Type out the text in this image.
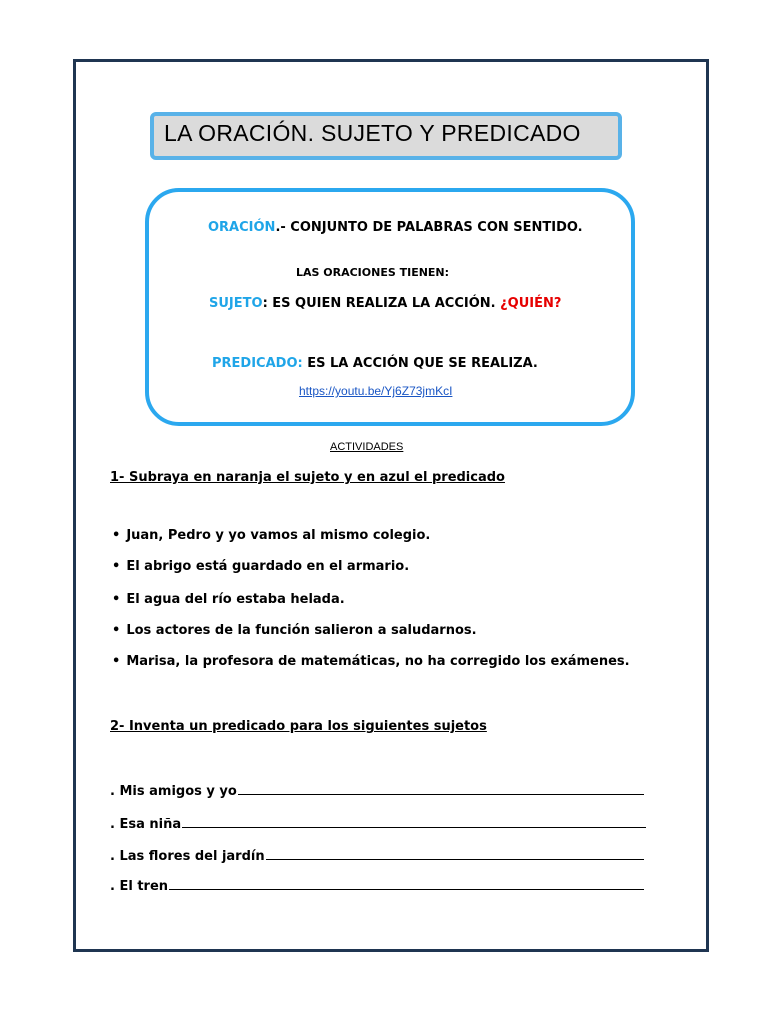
LA ORACIÓN. SUJETO Y PREDICADO
ORACIÓN.- CONJUNTO DE PALABRAS CON SENTIDO.
LAS ORACIONES TIENEN:
SUJETO: ES QUIEN REALIZA LA ACCIÓN. ¿QUIÉN?
PREDICADO: ES LA ACCIÓN QUE SE REALIZA.
https://youtu.be/Yj6Z73jmKcI
ACTIVIDADES
1- Subraya en naranja el sujeto y en azul el predicado
• Juan, Pedro y yo vamos al mismo colegio.
• El abrigo está guardado en el armario.
• El agua del río estaba helada.
• Los actores de la función salieron a saludarnos.
• Marisa, la profesora de matemáticas, no ha corregido los exámenes.
2- Inventa un predicado para los siguientes sujetos
. Mis amigos y yo
. Esa niña
. Las flores del jardín
. El tren
